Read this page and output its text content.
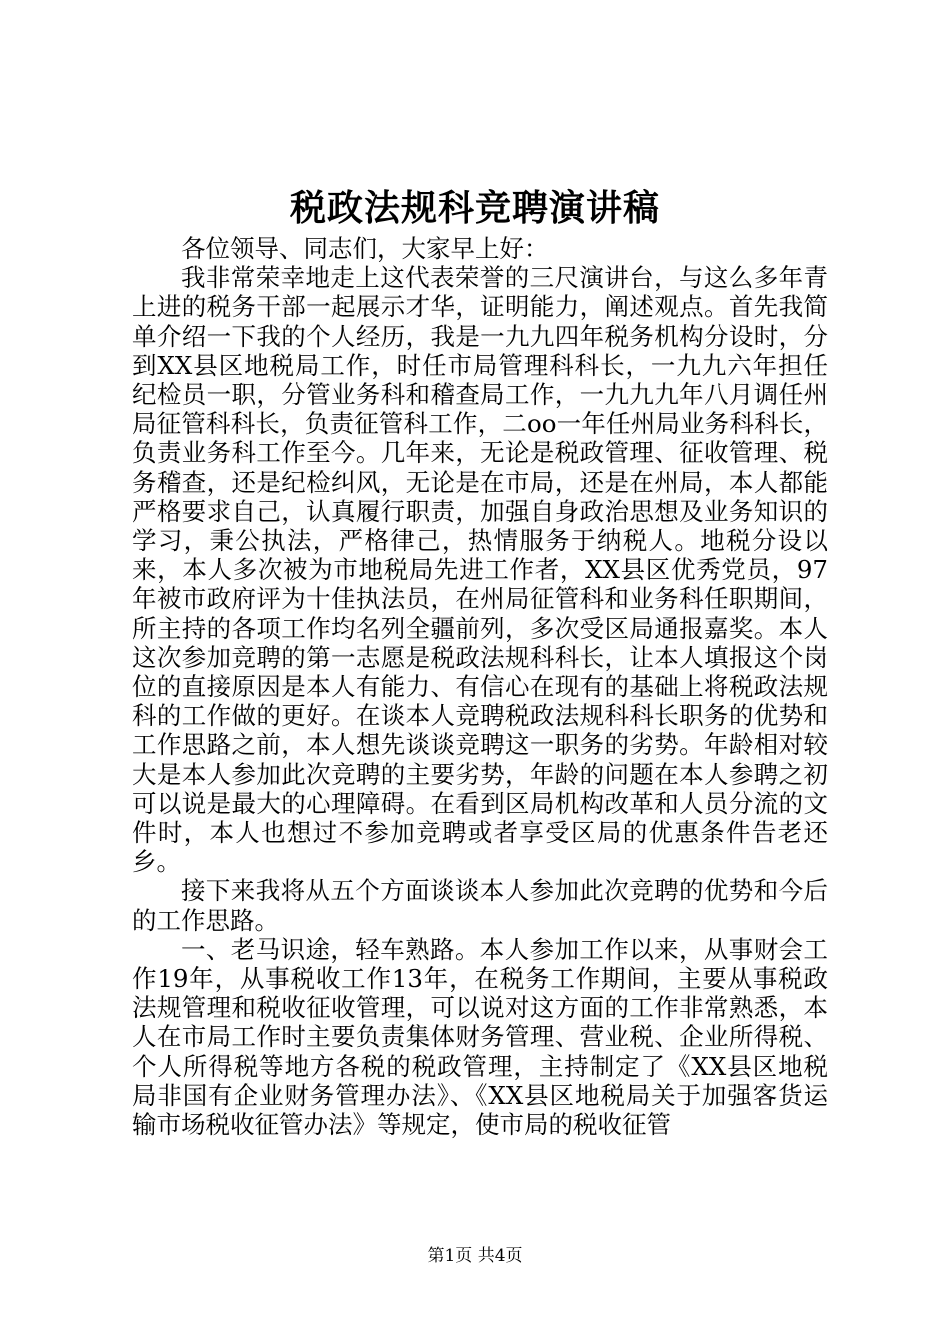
税政法规科竞聘演讲稿

各位领导、同志们，大家早上好：

我非常荣幸地走上这代表荣誉的三尺演讲台，与这么多年青上进的税务干部一起展示才华，证明能力，阐述观点。首先我简单介绍一下我的个人经历，我是一九九四年税务机构分设时，分到XX县区地税局工作，时任市局管理科科长，一九九六年担任纪检员一职，分管业务科和稽查局工作，一九九九年八月调任州局征管科科长，负责征管科工作，二oo一年任州局业务科科长，负责业务科工作至今。几年来，无论是税政管理、征收管理、税务稽查，还是纪检纠风，无论是在市局，还是在州局，本人都能严格要求自己，认真履行职责，加强自身政治思想及业务知识的学习，秉公执法，严格律己，热情服务于纳税人。地税分设以来，本人多次被为市地税局先进工作者，XX县区优秀党员，97年被市政府评为十佳执法员，在州局征管科和业务科任职期间，所主持的各项工作均名列全疆前列，多次受区局通报嘉奖。本人这次参加竞聘的第一志愿是税政法规科科长，让本人填报这个岗位的直接原因是本人有能力、有信心在现有的基础上将税政法规科的工作做的更好。在谈本人竞聘税政法规科科长职务的优势和工作思路之前，本人想先谈谈竞聘这一职务的劣势。年龄相对较大是本人参加此次竞聘的主要劣势，年龄的问题在本人参聘之初可以说是最大的心理障碍。在看到区局机构改革和人员分流的文件时，本人也想过不参加竞聘或者享受区局的优惠条件告老还乡。

接下来我将从五个方面谈谈本人参加此次竞聘的优势和今后的工作思路。

一、老马识途，轻车熟路。本人参加工作以来，从事财会工作19年，从事税收工作13年，在税务工作期间，主要从事税政法规管理和税收征收管理，可以说对这方面的工作非常熟悉，本人在市局工作时主要负责集体财务管理、营业税、企业所得税、个人所得税等地方各税的税政管理，主持制定了《XX县区地税局非国有企业财务管理办法》、《XX县区地税局关于加强客货运输市场税收征管办法》等规定，使市局的税收征管

第1页 共4页
